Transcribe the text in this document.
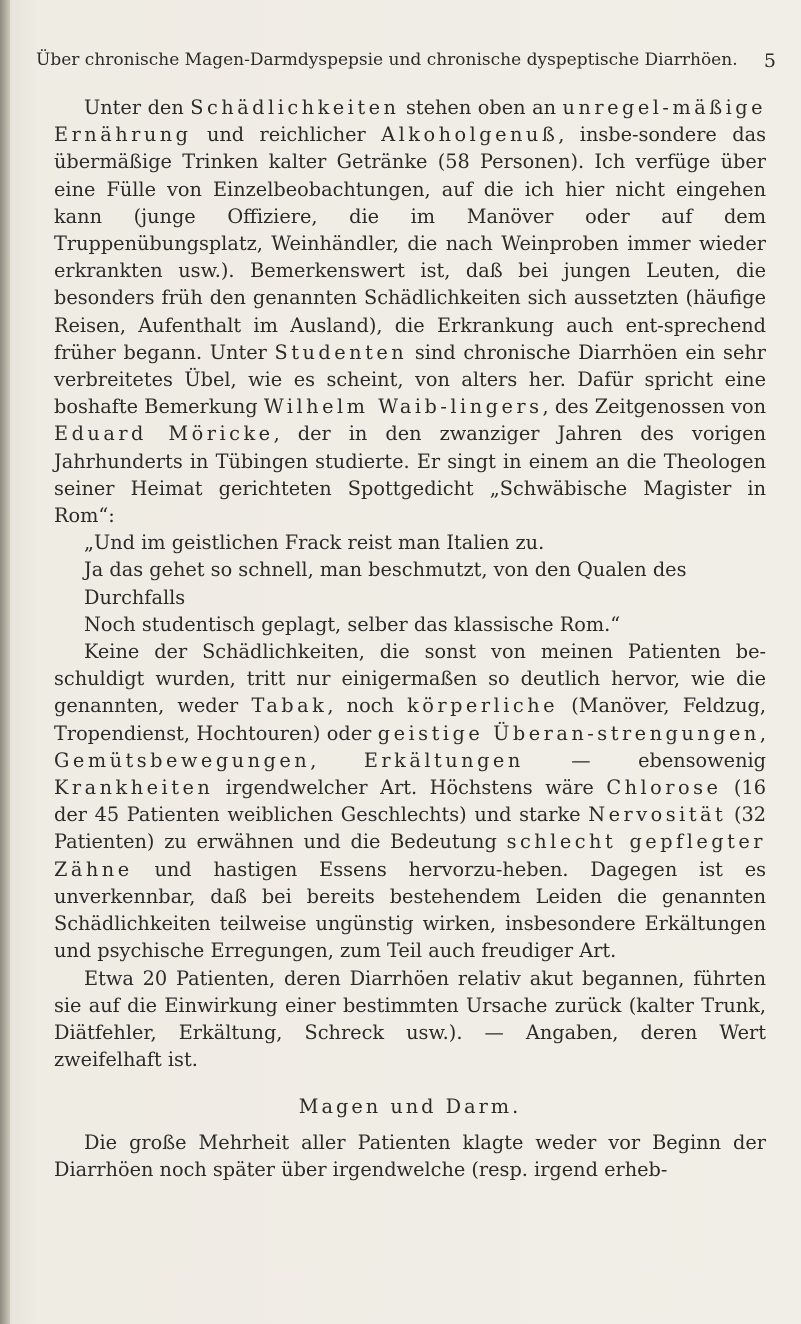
Über chronische Magen-Darmdyspepsie und chronische dyspeptische Diarrhöen. 5

Unter den Schädlichkeiten stehen oben an unregel-mäßige Ernährung und reichlicher Alkoholgenuß, insbe-sondere das übermäßige Trinken kalter Getränke (58 Personen). Ich verfüge über eine Fülle von Einzelbeobachtungen, auf die ich hier nicht eingehen kann (junge Offiziere, die im Manöver oder auf dem Truppenübungsplatz, Weinhändler, die nach Weinproben immer wieder erkrankten usw.). Bemerkenswert ist, daß bei jungen Leuten, die besonders früh den genannten Schädlichkeiten sich aussetzten (häufige Reisen, Aufenthalt im Ausland), die Erkrankung auch ent-sprechend früher begann. Unter Studenten sind chronische Diarrhöen ein sehr verbreitetes Übel, wie es scheint, von alters her. Dafür spricht eine boshafte Bemerkung Wilhelm Waib-lingers, des Zeitgenossen von Eduard Möricke, der in den zwanziger Jahren des vorigen Jahrhunderts in Tübingen studierte. Er singt in einem an die Theologen seiner Heimat gerichteten Spottgedicht „Schwäbische Magister in Rom“:

„Und im geistlichen Frack reist man Italien zu.
Ja das gehet so schnell, man beschmutzt, von den Qualen des
Durchfalls
Noch studentisch geplagt, selber das klassische Rom.“

Keine der Schädlichkeiten, die sonst von meinen Patienten be-schuldigt wurden, tritt nur einigermaßen so deutlich hervor, wie die genannten, weder Tabak, noch körperliche (Manöver, Feldzug, Tropendienst, Hochtouren) oder geistige Überan-strengungen, Gemütsbewegungen, Erkältungen — ebensowenig Krankheiten irgendwelcher Art. Höchstens wäre Chlorose (16 der 45 Patienten weiblichen Geschlechts) und starke Nervosität (32 Patienten) zu erwähnen und die Bedeutung schlecht gepflegter Zähne und hastigen Essens hervorzu-heben. Dagegen ist es unverkennbar, daß bei bereits bestehendem Leiden die genannten Schädlichkeiten teilweise ungünstig wirken, insbesondere Erkältungen und psychische Erregungen, zum Teil auch freudiger Art.

Etwa 20 Patienten, deren Diarrhöen relativ akut begannen, führten sie auf die Einwirkung einer bestimmten Ursache zurück (kalter Trunk, Diätfehler, Erkältung, Schreck usw.). — Angaben, deren Wert zweifelhaft ist.

Magen und Darm.

Die große Mehrheit aller Patienten klagte weder vor Beginn der Diarrhöen noch später über irgendwelche (resp. irgend erheb-
